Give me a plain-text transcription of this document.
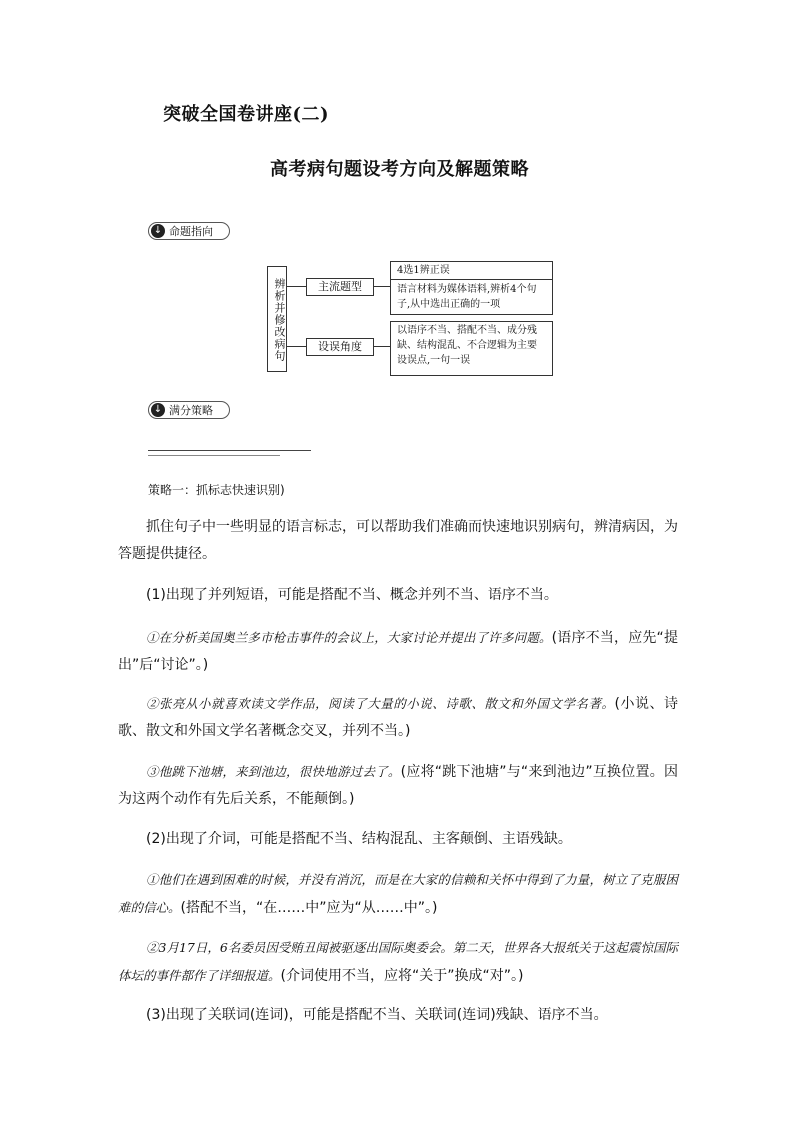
突破全国卷讲座(二)
高考病句题设考方向及解题策略
↓ 命题指向
辨析并修改病句	主流题型
设误角度
4选1辨正误
语言材料为媒体语料,辨析4个句子,从中选出正确的一项
以语序不当、搭配不当、成分残缺、结构混乱、不合逻辑为主要设误点,一句一误
↓ 满分策略
策略一：抓标志快速识别)
抓住句子中一些明显的语言标志，可以帮助我们准确而快速地识别病句，辨清病因，为答题提供捷径。
(1)出现了并列短语，可能是搭配不当、概念并列不当、语序不当。
①在分析美国奥兰多市枪击事件的会议上，大家讨论并提出了许多问题。(语序不当，应先“提出”后“讨论”。)
②张亮从小就喜欢读文学作品，阅读了大量的小说、诗歌、散文和外国文学名著。(小说、诗歌、散文和外国文学名著概念交叉，并列不当。)
③他跳下池塘，来到池边，很快地游过去了。(应将“跳下池塘”与“来到池边”互换位置。因为这两个动作有先后关系，不能颠倒。)
(2)出现了介词，可能是搭配不当、结构混乱、主客颠倒、主语残缺。
①他们在遇到困难的时候，并没有消沉，而是在大家的信赖和关怀中得到了力量，树立了克服困难的信心。(搭配不当，“在……中”应为“从……中”。)
②3月17日，6名委员因受贿丑闻被驱逐出国际奥委会。第二天，世界各大报纸关于这起震惊国际体坛的事件都作了详细报道。(介词使用不当，应将“关于”换成“对”。)
(3)出现了关联词(连词)，可能是搭配不当、关联词(连词)残缺、语序不当。
